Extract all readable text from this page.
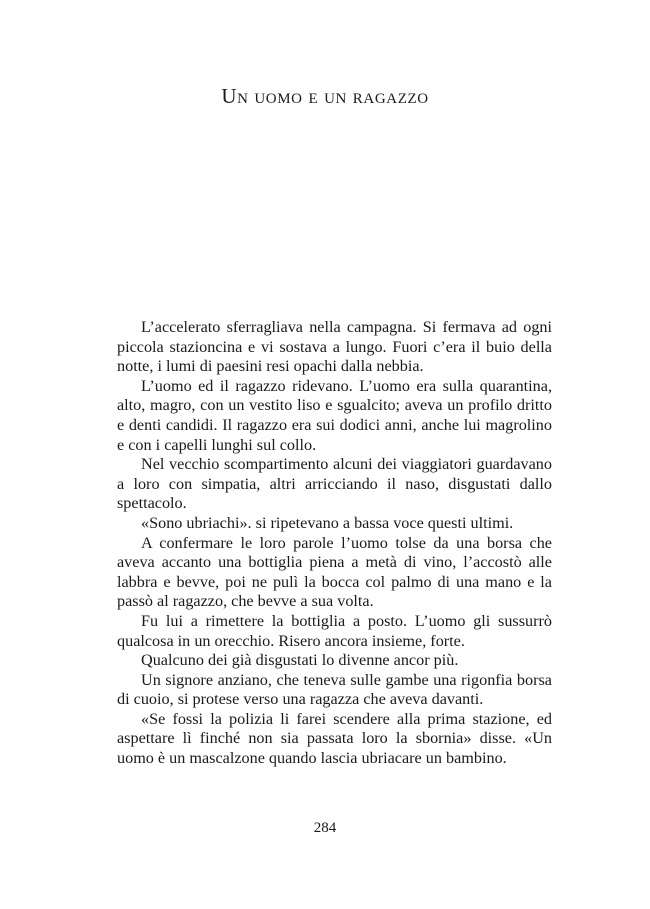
Un uomo e un ragazzo

L’accelerato sferragliava nella campagna. Si fermava ad ogni piccola stazioncina e vi sostava a lungo. Fuori c’era il buio della notte, i lumi di paesini resi opachi dalla nebbia.

L’uomo ed il ragazzo ridevano. L’uomo era sulla quarantina, alto, magro, con un vestito liso e sgualcito; aveva un profilo dritto e denti candidi. Il ragazzo era sui dodici anni, anche lui magrolino e con i capelli lunghi sul collo.

Nel vecchio scompartimento alcuni dei viaggiatori guardavano a loro con simpatia, altri arricciando il naso, disgustati dallo spettacolo.

«Sono ubriachi». si ripetevano a bassa voce questi ultimi.

A confermare le loro parole l’uomo tolse da una borsa che aveva accanto una bottiglia piena a metà di vino, l’accostò alle labbra e bevve, poi ne pulì la bocca col palmo di una mano e la passò al ragazzo, che bevve a sua volta.

Fu lui a rimettere la bottiglia a posto. L’uomo gli sussurrò qualcosa in un orecchio. Risero ancora insieme, forte.

Qualcuno dei già disgustati lo divenne ancor più.

Un signore anziano, che teneva sulle gambe una rigonfia borsa di cuoio, si protese verso una ragazza che aveva davanti.

«Se fossi la polizia li farei scendere alla prima stazione, ed aspettare lì finché non sia passata loro la sbornia» disse. «Un uomo è un mascalzone quando lascia ubriacare un bambino.

284
